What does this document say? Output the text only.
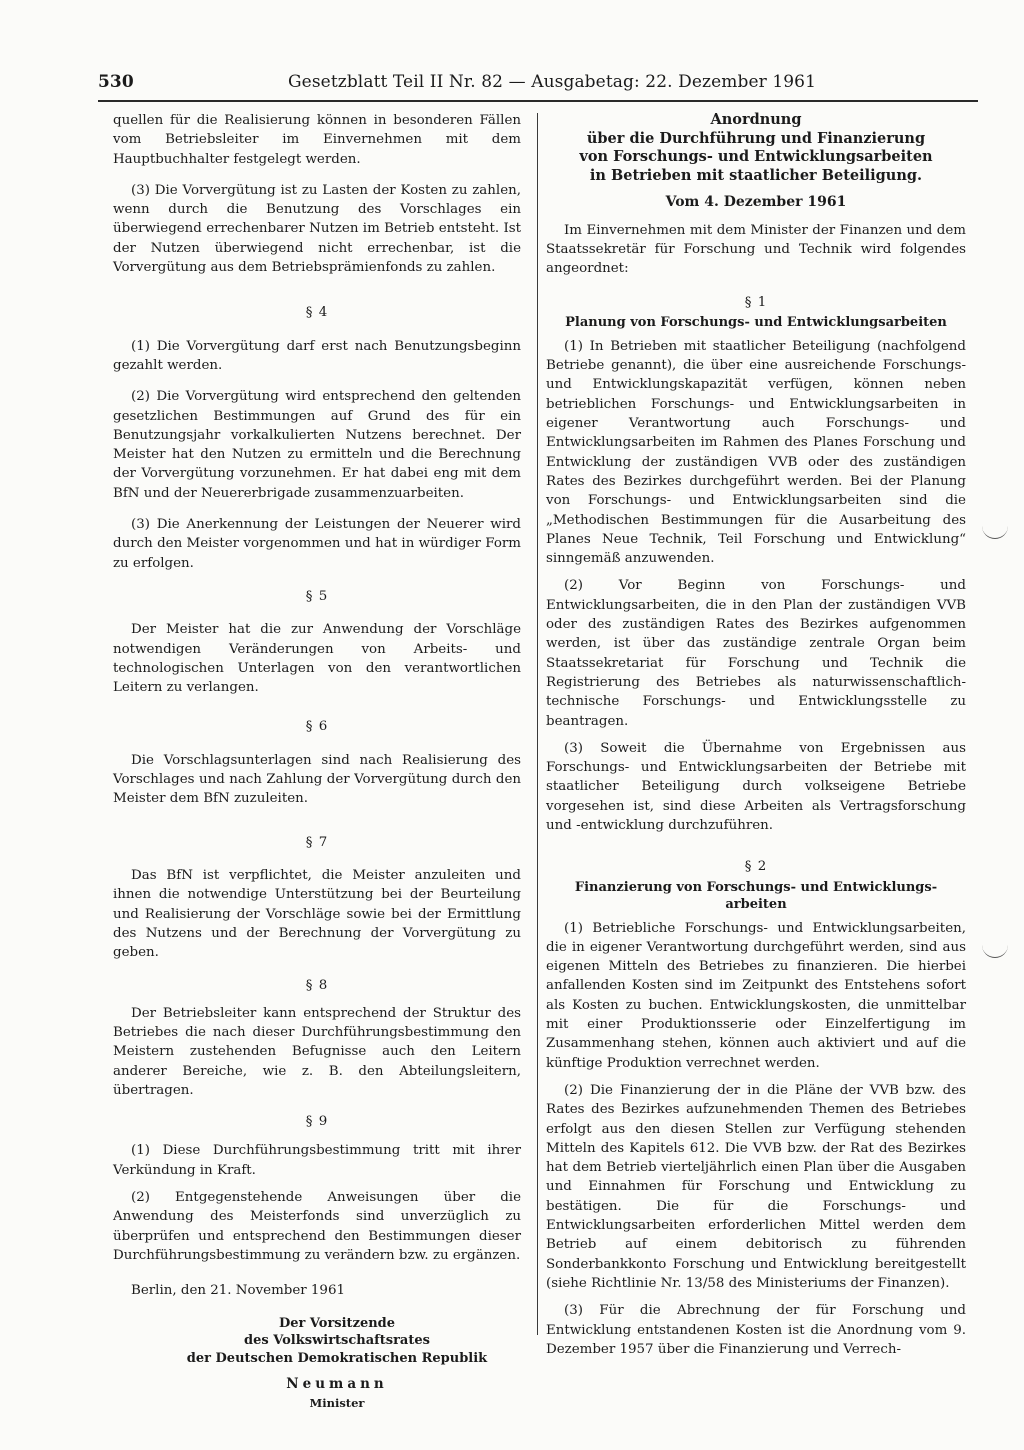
530	Gesetzblatt Teil II Nr. 82 — Ausgabetag: 22. Dezember 1961

quellen für die Realisierung können in besonderen Fällen vom Betriebsleiter im Einvernehmen mit dem Hauptbuchhalter festgelegt werden.

(3) Die Vorvergütung ist zu Lasten der Kosten zu zahlen, wenn durch die Benutzung des Vorschlages ein überwiegend errechenbarer Nutzen im Betrieb entsteht. Ist der Nutzen überwiegend nicht errechenbar, ist die Vorvergütung aus dem Betriebsprämienfonds zu zahlen.

§ 4

(1) Die Vorvergütung darf erst nach Benutzungsbeginn gezahlt werden.

(2) Die Vorvergütung wird entsprechend den geltenden gesetzlichen Bestimmungen auf Grund des für ein Benutzungsjahr vorkalkulierten Nutzens berechnet. Der Meister hat den Nutzen zu ermitteln und die Berechnung der Vorvergütung vorzunehmen. Er hat dabei eng mit dem BfN und der Neuererbrigade zusammenzuarbeiten.

(3) Die Anerkennung der Leistungen der Neuerer wird durch den Meister vorgenommen und hat in würdiger Form zu erfolgen.

§ 5

Der Meister hat die zur Anwendung der Vorschläge notwendigen Veränderungen von Arbeits- und technologischen Unterlagen von den verantwortlichen Leitern zu verlangen.

§ 6

Die Vorschlagsunterlagen sind nach Realisierung des Vorschlages und nach Zahlung der Vorvergütung durch den Meister dem BfN zuzuleiten.

§ 7

Das BfN ist verpflichtet, die Meister anzuleiten und ihnen die notwendige Unterstützung bei der Beurteilung und Realisierung der Vorschläge sowie bei der Ermittlung des Nutzens und der Berechnung der Vorvergütung zu geben.

§ 8

Der Betriebsleiter kann entsprechend der Struktur des Betriebes die nach dieser Durchführungsbestimmung den Meistern zustehenden Befugnisse auch den Leitern anderer Bereiche, wie z. B. den Abteilungsleitern, übertragen.

§ 9

(1) Diese Durchführungsbestimmung tritt mit ihrer Verkündung in Kraft.

(2) Entgegenstehende Anweisungen über die Anwendung des Meisterfonds sind unverzüglich zu überprüfen und entsprechend den Bestimmungen dieser Durchführungsbestimmung zu verändern bzw. zu ergänzen.

Berlin, den 21. November 1961

Der Vorsitzende
des Volkswirtschaftsrates
der Deutschen Demokratischen Republik
Neumann
Minister
Anordnung
über die Durchführung und Finanzierung
von Forschungs- und Entwicklungsarbeiten
in Betrieben mit staatlicher Beteiligung.
Vom 4. Dezember 1961

Im Einvernehmen mit dem Minister der Finanzen und dem Staatssekretär für Forschung und Technik wird folgendes angeordnet:

§ 1
Planung von Forschungs- und Entwicklungsarbeiten

(1) In Betrieben mit staatlicher Beteiligung (nachfolgend Betriebe genannt), die über eine ausreichende Forschungs- und Entwicklungskapazität verfügen, können neben betrieblichen Forschungs- und Entwicklungsarbeiten in eigener Verantwortung auch Forschungs- und Entwicklungsarbeiten im Rahmen des Planes Forschung und Entwicklung der zuständigen VVB oder des zuständigen Rates des Bezirkes durchgeführt werden. Bei der Planung von Forschungs- und Entwicklungsarbeiten sind die „Methodischen Bestimmungen für die Ausarbeitung des Planes Neue Technik, Teil Forschung und Entwicklung“ sinngemäß anzuwenden.

(2) Vor Beginn von Forschungs- und Entwicklungsarbeiten, die in den Plan der zuständigen VVB oder des zuständigen Rates des Bezirkes aufgenommen werden, ist über das zuständige zentrale Organ beim Staatssekretariat für Forschung und Technik die Registrierung des Betriebes als naturwissenschaftlich-technische Forschungs- und Entwicklungsstelle zu beantragen.

(3) Soweit die Übernahme von Ergebnissen aus Forschungs- und Entwicklungsarbeiten der Betriebe mit staatlicher Beteiligung durch volkseigene Betriebe vorgesehen ist, sind diese Arbeiten als Vertragsforschung und -entwicklung durchzuführen.

§ 2
Finanzierung von Forschungs- und Entwicklungs-
arbeiten

(1) Betriebliche Forschungs- und Entwicklungsarbeiten, die in eigener Verantwortung durchgeführt werden, sind aus eigenen Mitteln des Betriebes zu finanzieren. Die hierbei anfallenden Kosten sind im Zeitpunkt des Entstehens sofort als Kosten zu buchen. Entwicklungskosten, die unmittelbar mit einer Produktionsserie oder Einzelfertigung im Zusammenhang stehen, können auch aktiviert und auf die künftige Produktion verrechnet werden.

(2) Die Finanzierung der in die Pläne der VVB bzw. des Rates des Bezirkes aufzunehmenden Themen des Betriebes erfolgt aus den diesen Stellen zur Verfügung stehenden Mitteln des Kapitels 612. Die VVB bzw. der Rat des Bezirkes hat dem Betrieb vierteljährlich einen Plan über die Ausgaben und Einnahmen für Forschung und Entwicklung zu bestätigen. Die für die Forschungs- und Entwicklungsarbeiten erforderlichen Mittel werden dem Betrieb auf einem debitorisch zu führenden Sonderbankkonto Forschung und Entwicklung bereitgestellt (siehe Richtlinie Nr. 13/58 des Ministeriums der Finanzen).

(3) Für die Abrechnung der für Forschung und Entwicklung entstandenen Kosten ist die Anordnung vom 9. Dezember 1957 über die Finanzierung und Verrech-
